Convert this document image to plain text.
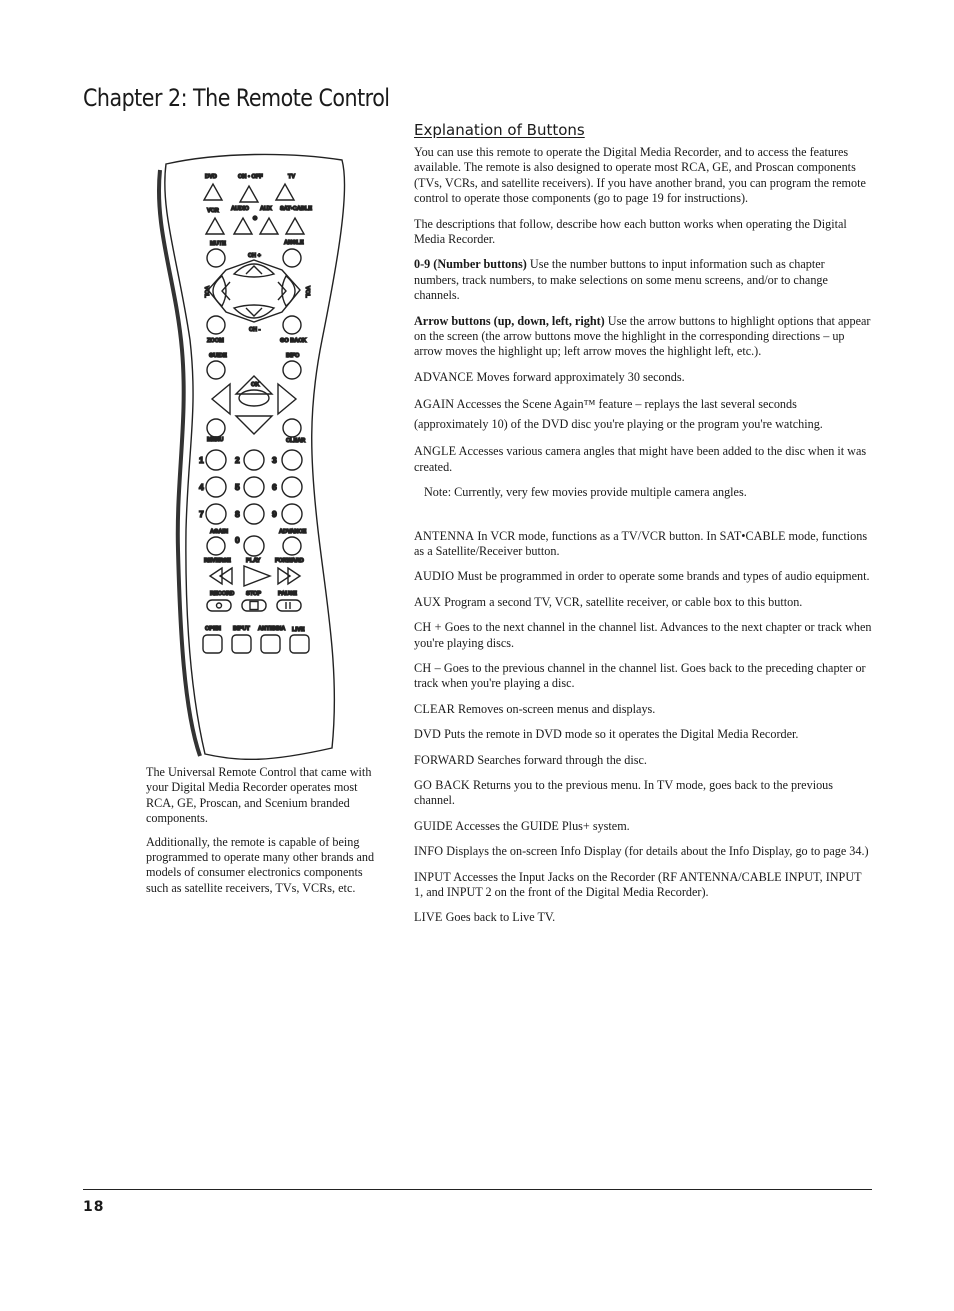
Chapter 2: The Remote Control
Explanation of Buttons

You can use this remote to operate the Digital Media Recorder, and to access the features available. The remote is also designed to operate most RCA, GE, and Proscan components (TVs, VCRs, and satellite receivers). If you have another brand, you can program the remote control to operate those components (go to page 19 for instructions).

The descriptions that follow, describe how each button works when operating the Digital Media Recorder.

0-9 (Number buttons) Use the number buttons to input information such as chapter numbers, track numbers, to make selections on some menu screens, and/or to change channels.

Arrow buttons (up, down, left, right) Use the arrow buttons to highlight options that appear on the screen (the arrow buttons move the highlight in the corresponding directions – up arrow moves the highlight up; left arrow moves the highlight left, etc.).

ADVANCE Moves forward approximately 30 seconds.

AGAIN Accesses the Scene Again™ feature – replays the last several seconds (approximately 10) of the DVD disc you're playing or the program you're watching.

ANGLE Accesses various camera angles that might have been added to the disc when it was created.

Note: Currently, very few movies provide multiple camera angles.

ANTENNA In VCR mode, functions as a TV/VCR button. In SAT•CABLE mode, functions as a Satellite/Receiver button.

AUDIO Must be programmed in order to operate some brands and types of audio equipment.

AUX Program a second TV, VCR, satellite receiver, or cable box to this button.

CH + Goes to the next channel in the channel list. Advances to the next chapter or track when you're playing discs.

CH – Goes to the previous channel in the channel list. Goes back to the preceding chapter or track when you're playing a disc.

CLEAR Removes on-screen menus and displays.

DVD Puts the remote in DVD mode so it operates the Digital Media Recorder.

FORWARD Searches forward through the disc.

GO BACK Returns you to the previous menu. In TV mode, goes back to the previous channel.

GUIDE Accesses the GUIDE Plus+ system.

INFO Displays the on-screen Info Display (for details about the Info Display, go to page 34.)

INPUT Accesses the Input Jacks on the Recorder (RF ANTENNA/CABLE INPUT, INPUT 1, and INPUT 2 on the front of the Digital Media Recorder).

LIVE Goes back to Live TV.

DVD	ON • OFF	TV
VCR AUDIO AUX SAT•CABLE
MUTE	ANGLE
CH +
CH -
VOL	VOL
ZOOM	GO BACK
GUIDE	INFO
OK
MENU	CLEAR
1	2	3
4	5	6
7	8	9
AGAIN	ADVANCE
0
REVERSE	PLAY	FORWARD
RECORD STOP	PAUSE
OPEN INPUT ANTENNA LIVE

The Universal Remote Control that came with your Digital Media Recorder operates most RCA, GE, Proscan, and Scenium branded components.

Additionally, the remote is capable of being programmed to operate many other brands and models of consumer electronics components such as satellite receivers, TVs, VCRs, etc.

18
